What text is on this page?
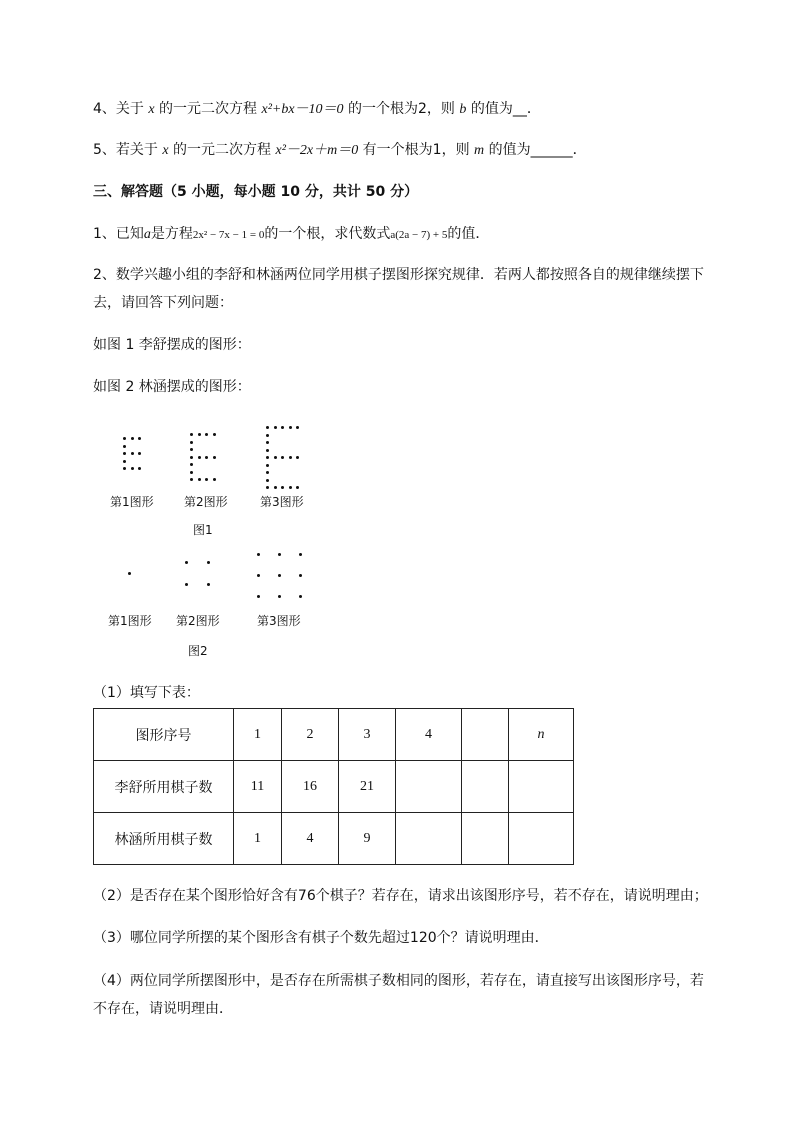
4、关于 x 的一元二次方程 x²+bx－10＝0 的一个根为2，则 b 的值为__．
5、若关于 x 的一元二次方程 x²－2x＋m＝0 有一个根为1，则 m 的值为______．
三、解答题（5 小题，每小题 10 分，共计 50 分）
1、已知a是方程2x² − 7x − 1 = 0的一个根，求代数式a(2a − 7) + 5的值．
2、数学兴趣小组的李舒和林涵两位同学用棋子摆图形探究规律．若两人都按照各自的规律继续摆下
去，请回答下列问题：
如图 1 李舒摆成的图形：
如图 2 林涵摆成的图形：
第1图形	第2图形	第3图形
图1
第1图形 第2图形	第3图形
图2
（1）填写下表：
图形序号	1	2	3	4		n
李舒所用棋子数	11	16	21			
林涵所用棋子数	1	4	9			
（2）是否存在某个图形恰好含有76个棋子？若存在，请求出该图形序号，若不存在，请说明理由；
（3）哪位同学所摆的某个图形含有棋子个数先超过120个？请说明理由．
（4）两位同学所摆图形中，是否存在所需棋子数相同的图形，若存在，请直接写出该图形序号，若
不存在，请说明理由．
